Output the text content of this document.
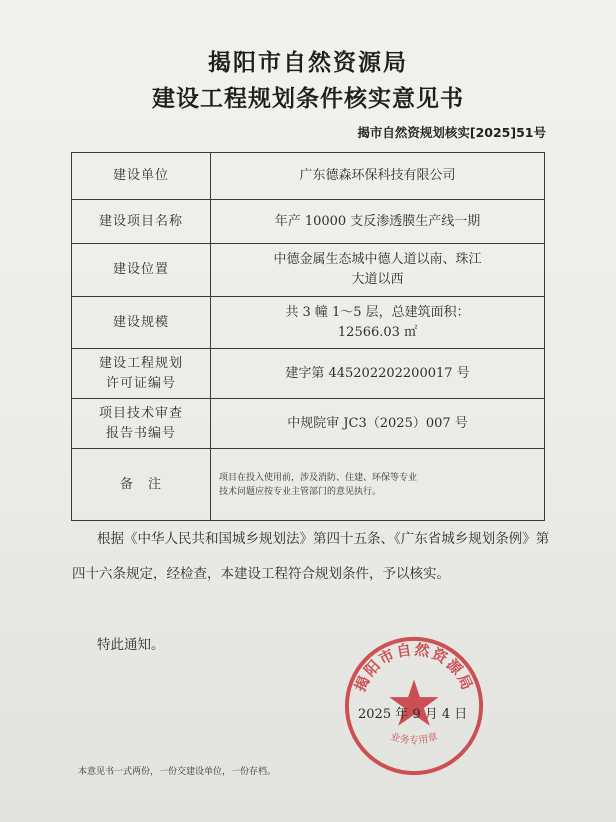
揭阳市自然资源局
建设工程规划条件核实意见书
揭市自然资规划核实[2025]51号
建设单位	广东德森环保科技有限公司
建设项目名称	年产 10000 支反渗透膜生产线一期
建设位置	中德金属生态城中德人道以南、珠江
大道以西

建设规模	共 3 幢 1～5 层，总建筑面积：
12566.03 ㎡

建设工程规划
许可证编号	建字第 445202202200017 号

项目技术审查
报告书编号	中规院审 JC3（2025）007 号
备　注	项目在投入使用前，涉及消防、住建、环保等专业
技术问题应按专业主管部门的意见执行。
根据《中华人民共和国城乡规划法》第四十五条、《广东省城乡规划条例》第四十六条规定，经检查，本建设工程符合规划条件，予以核实。
特此通知。
揭阳市自然资源局
业务专用章
2025 年 9 月 4 日
本意见书一式两份，一份交建设单位，一份存档。
